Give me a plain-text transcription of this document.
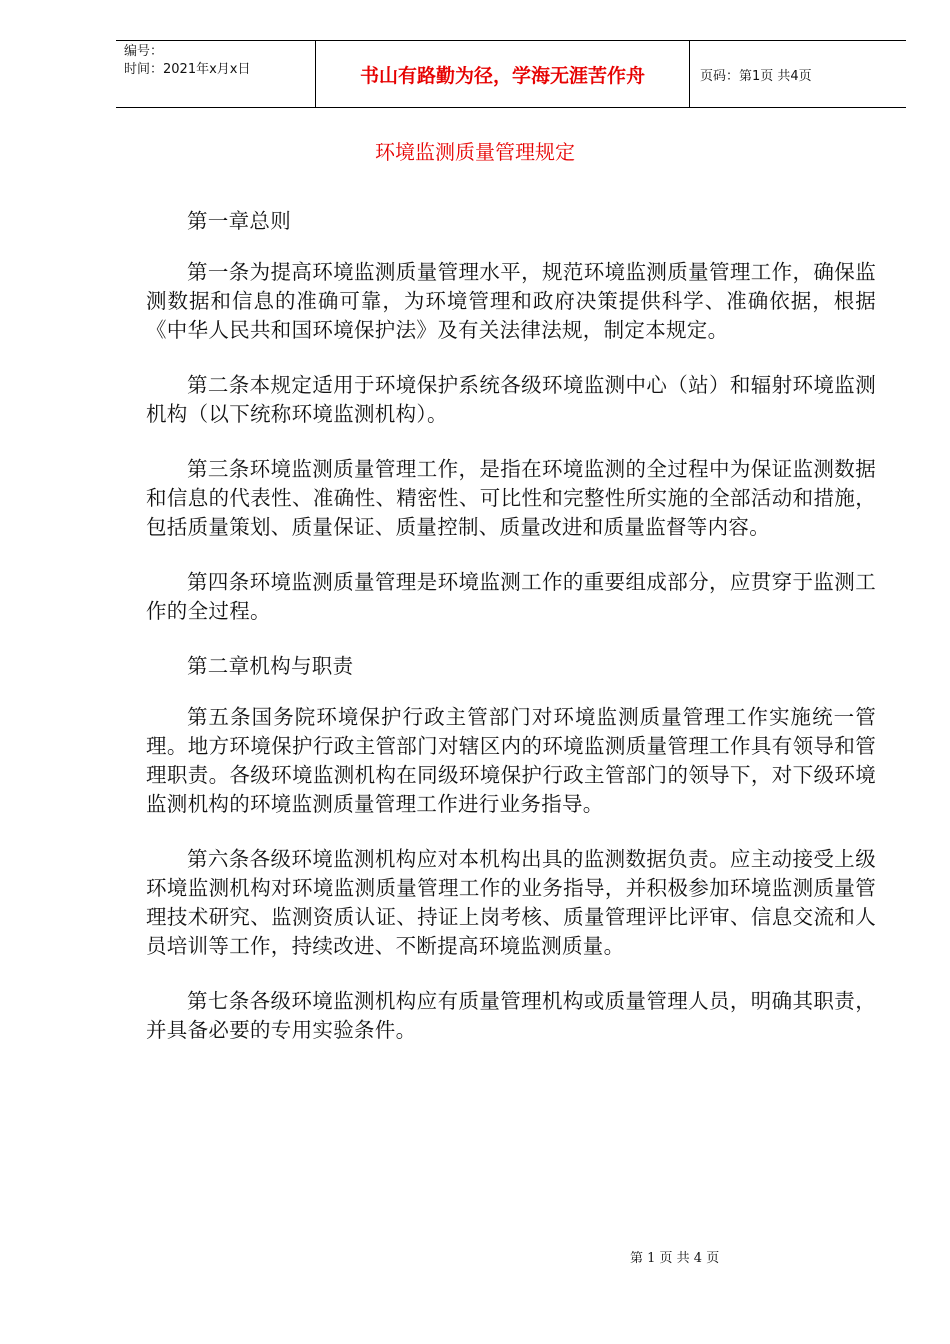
编号：
时间：2021年x月x日	书山有路勤为径，学海无涯苦作舟	页码：第1页 共4页
环境监测质量管理规定

第一章总则

第一条为提高环境监测质量管理水平，规范环境监测质量管理工作，确保监测数据和信息的准确可靠，为环境管理和政府决策提供科学、准确依据，根据《中华人民共和国环境保护法》及有关法律法规，制定本规定。

第二条本规定适用于环境保护系统各级环境监测中心（站）和辐射环境监测机构（以下统称环境监测机构）。

第三条环境监测质量管理工作，是指在环境监测的全过程中为保证监测数据和信息的代表性、准确性、精密性、可比性和完整性所实施的全部活动和措施，包括质量策划、质量保证、质量控制、质量改进和质量监督等内容。

第四条环境监测质量管理是环境监测工作的重要组成部分，应贯穿于监测工作的全过程。

第二章机构与职责

第五条国务院环境保护行政主管部门对环境监测质量管理工作实施统一管理。地方环境保护行政主管部门对辖区内的环境监测质量管理工作具有领导和管理职责。各级环境监测机构在同级环境保护行政主管部门的领导下，对下级环境监测机构的环境监测质量管理工作进行业务指导。

第六条各级环境监测机构应对本机构出具的监测数据负责。应主动接受上级环境监测机构对环境监测质量管理工作的业务指导，并积极参加环境监测质量管理技术研究、监测资质认证、持证上岗考核、质量管理评比评审、信息交流和人员培训等工作，持续改进、不断提高环境监测质量。

第七条各级环境监测机构应有质量管理机构或质量管理人员，明确其职责，并具备必要的专用实验条件。

第 1 页 共 4 页
